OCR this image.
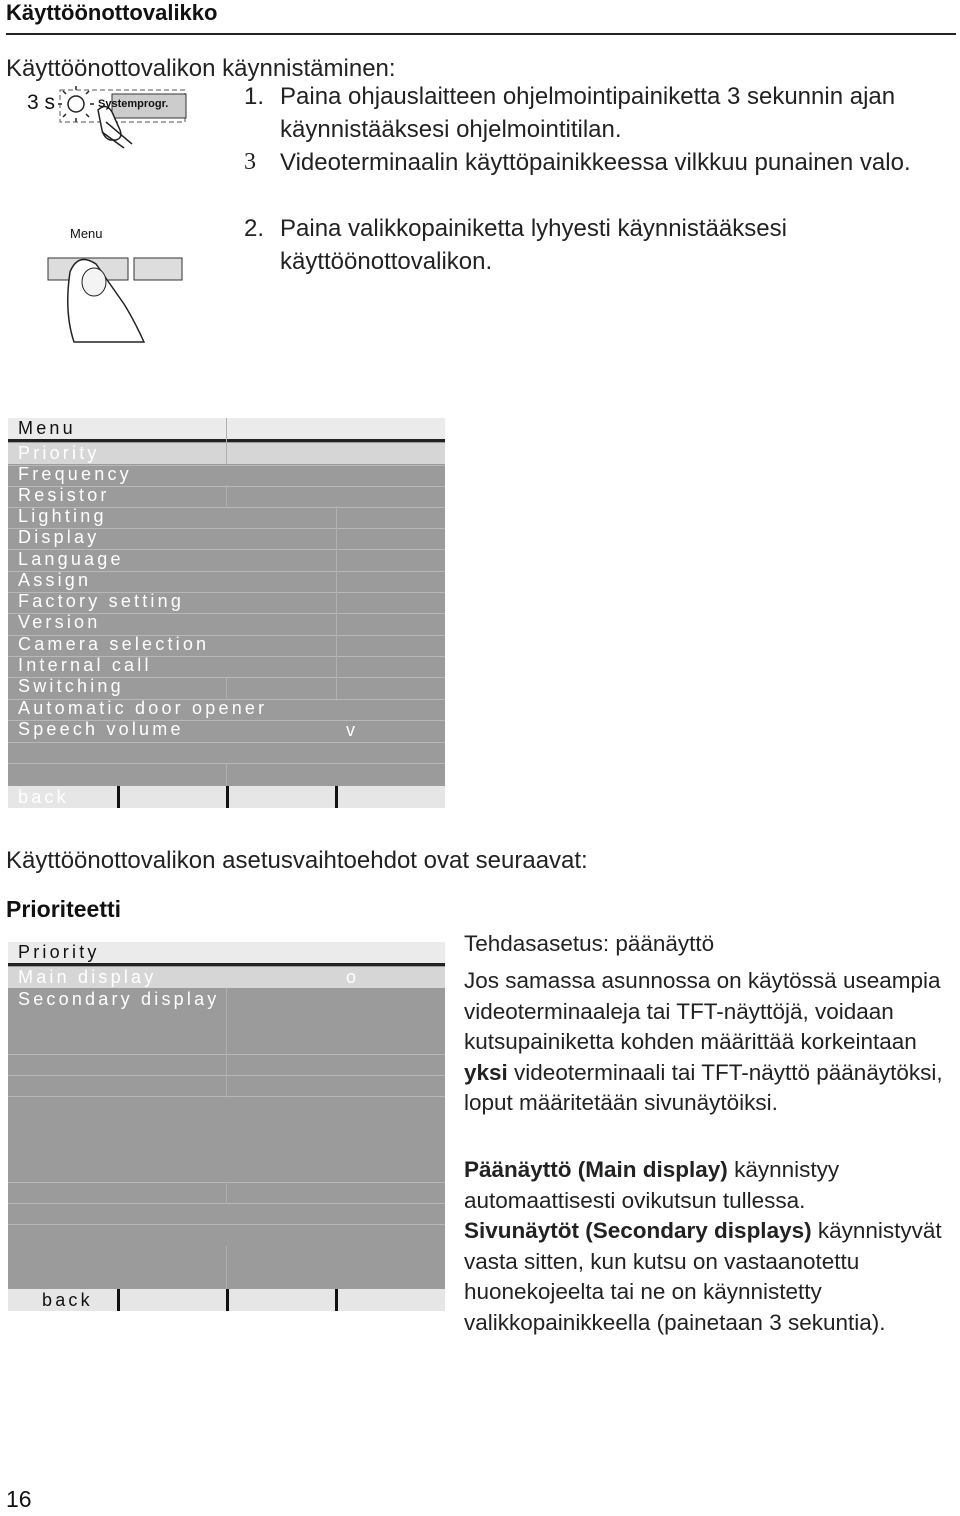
Käyttöönottovalikko
Käyttöönottovalikon käynnistäminen:
3 s	Systemprogr.
Menu
1. Paina ohjauslaitteen ohjelmointipainiketta 3 sekunnin ajan käynnistääksesi ohjelmointitilan.
3 Videoterminaalin käyttöpainikkeessa vilkkuu punainen valo.
2. Paina valikkopainiketta lyhyesti käynnistääksesi käyttöönottovalikon.
Menu
Priority
Frequency
Resistor
Lighting
Display
Language
Assign
Factory setting
Version
Camera selection
Internal call
Switching
Automatic door opener
Speech volume	v
back
Käyttöönottovalikon asetusvaihtoehdot ovat seuraavat:
Prioriteetti
Priority
Main display	o
Secondary display
back
Tehdasasetus: päänäyttö
Jos samassa asunnossa on käytössä useampia videoterminaaleja tai TFT-näyttöjä, voidaan kutsupainiketta kohden määrittää korkeintaan yksi videoterminaali tai TFT-näyttö päänäytöksi, loput määritetään sivunäytöiksi.
Päänäyttö (Main display) käynnistyy automaattisesti ovikutsun tullessa.
Sivunäytöt (Secondary displays) käynnistyvät vasta sitten, kun kutsu on vastaanotettu huonekojeelta tai ne on käynnistetty valikkopainikkeella (painetaan 3 sekuntia).
16
